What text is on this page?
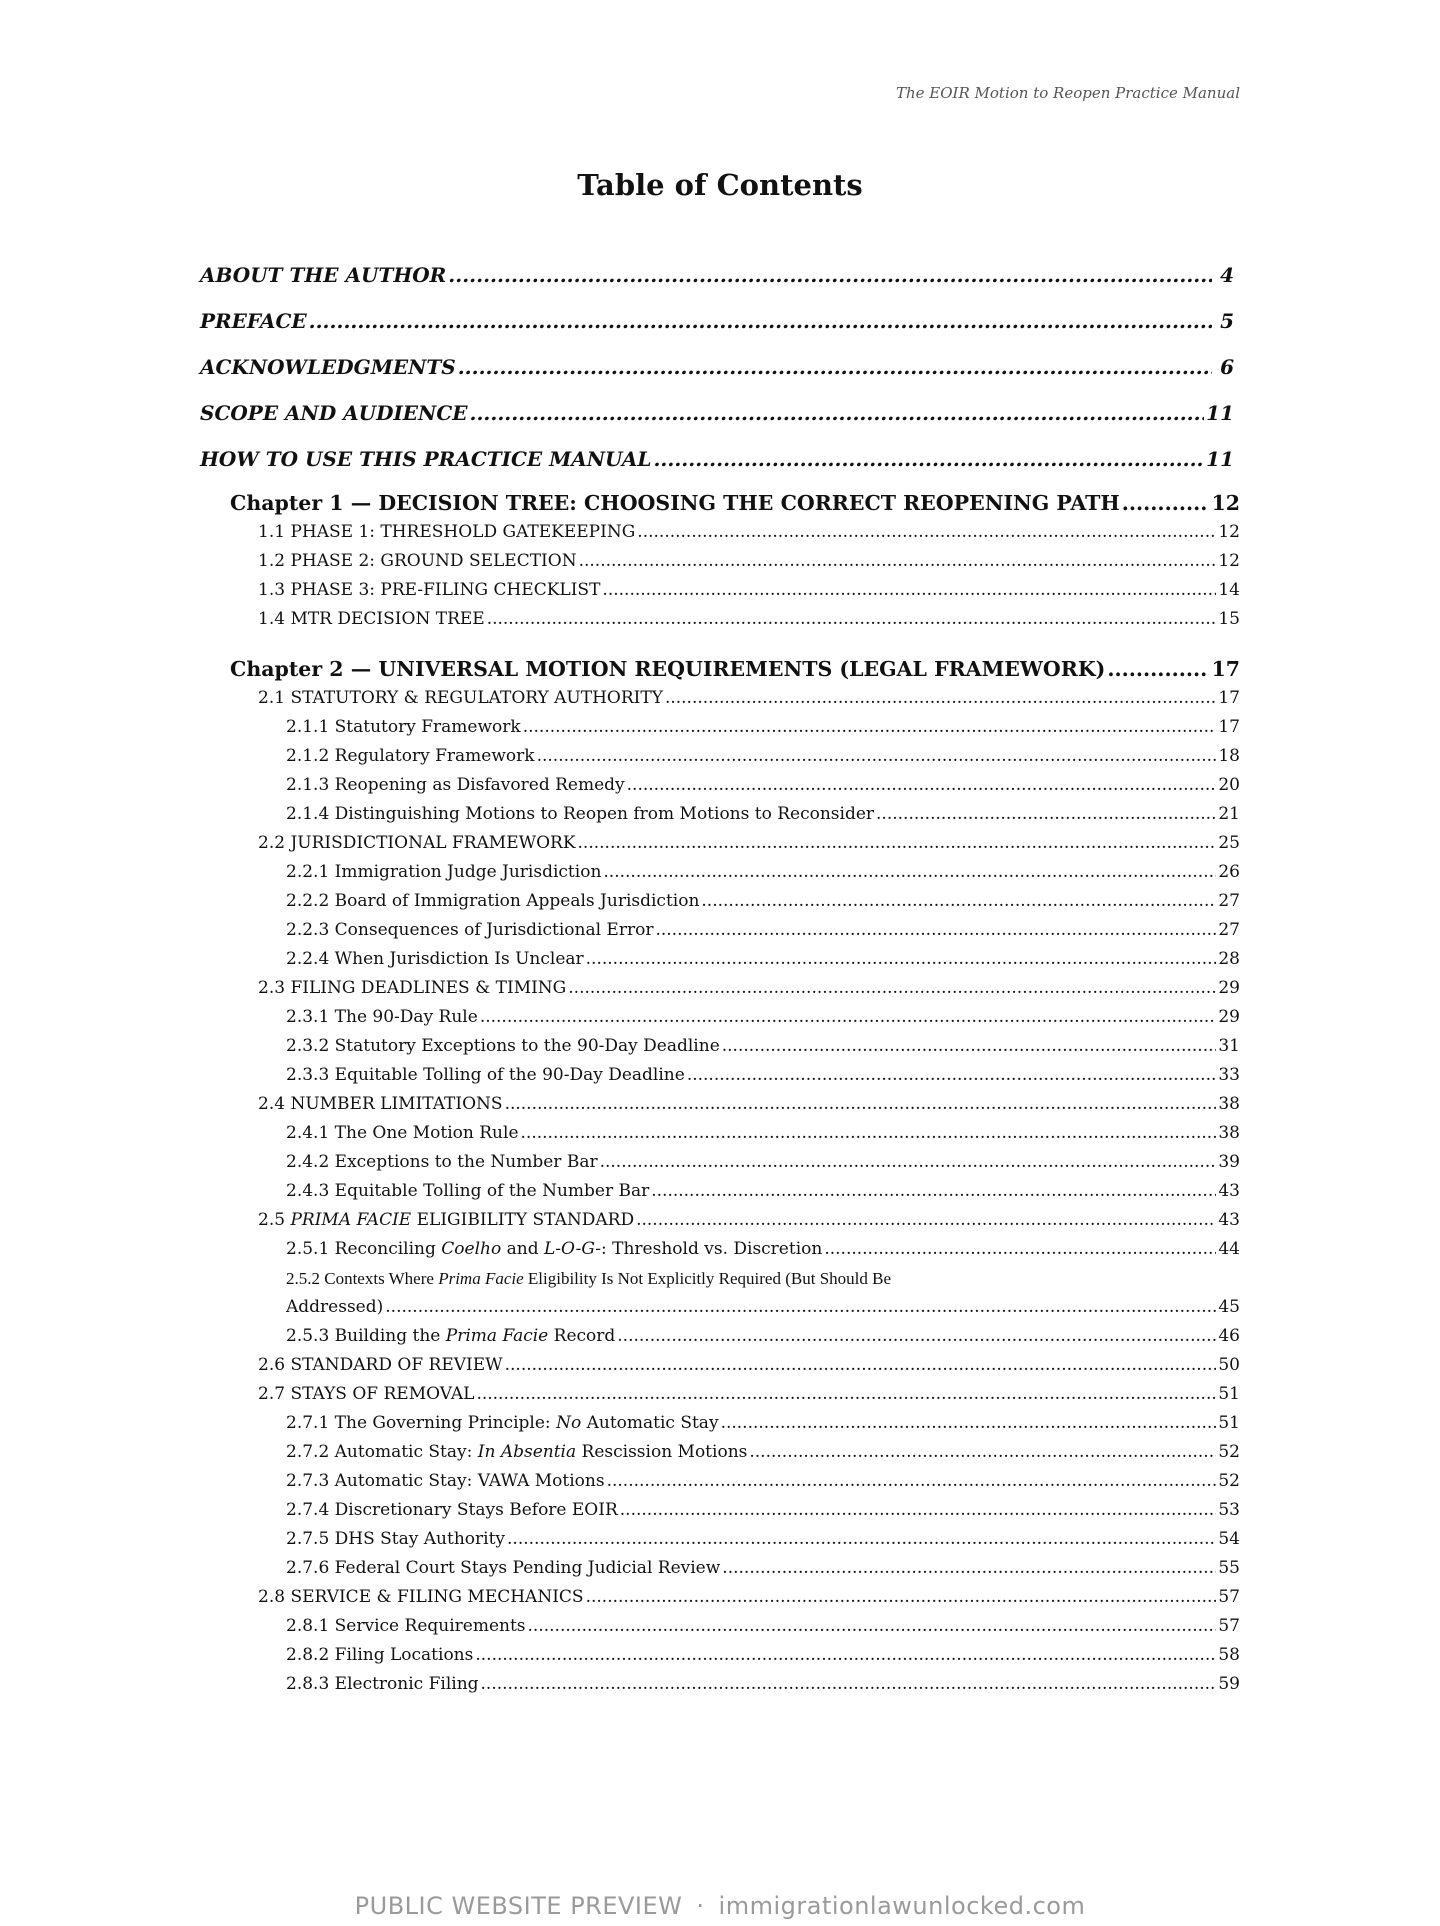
The EOIR Motion to Reopen Practice Manual
Table of Contents
ABOUT THE AUTHOR .....	4
PREFACE .....	5
ACKNOWLEDGMENTS .....	6
SCOPE AND AUDIENCE .....	11
HOW TO USE THIS PRACTICE MANUAL .....	11
Chapter 1 — DECISION TREE: CHOOSING THE CORRECT REOPENING PATH .....	12
1.1 PHASE 1: THRESHOLD GATEKEEPING .....	12
1.2 PHASE 2: GROUND SELECTION .....	12
1.3 PHASE 3: PRE-FILING CHECKLIST .....	14
1.4 MTR DECISION TREE .....	15
Chapter 2 — UNIVERSAL MOTION REQUIREMENTS (LEGAL FRAMEWORK) .....	17
2.1 STATUTORY & REGULATORY AUTHORITY .....	17
2.1.1 Statutory Framework .....	17
2.1.2 Regulatory Framework .....	18
2.1.3 Reopening as Disfavored Remedy .....	20
2.1.4 Distinguishing Motions to Reopen from Motions to Reconsider .....	21
2.2 JURISDICTIONAL FRAMEWORK .....	25
2.2.1 Immigration Judge Jurisdiction .....	26
2.2.2 Board of Immigration Appeals Jurisdiction .....	27
2.2.3 Consequences of Jurisdictional Error .....	27
2.2.4 When Jurisdiction Is Unclear .....	28
2.3 FILING DEADLINES & TIMING .....	29
2.3.1 The 90-Day Rule .....	29
2.3.2 Statutory Exceptions to the 90-Day Deadline .....	31
2.3.3 Equitable Tolling of the 90-Day Deadline .....	33
2.4 NUMBER LIMITATIONS .....	38
2.4.1 The One Motion Rule .....	38
2.4.2 Exceptions to the Number Bar .....	39
2.4.3 Equitable Tolling of the Number Bar .....	43
2.5 PRIMA FACIE ELIGIBILITY STANDARD .....	43
2.5.1 Reconciling Coelho and L-O-G-: Threshold vs. Discretion .....	44
2.5.2 Contexts Where Prima Facie Eligibility Is Not Explicitly Required (But Should Be
Addressed) .....	45
2.5.3 Building the Prima Facie Record .....	46
2.6 STANDARD OF REVIEW .....	50
2.7 STAYS OF REMOVAL .....	51
2.7.1 The Governing Principle: No Automatic Stay .....	51
2.7.2 Automatic Stay: In Absentia Rescission Motions .....	52
2.7.3 Automatic Stay: VAWA Motions .....	52
2.7.4 Discretionary Stays Before EOIR .....	53
2.7.5 DHS Stay Authority .....	54
2.7.6 Federal Court Stays Pending Judicial Review .....	55
2.8 SERVICE & FILING MECHANICS .....	57
2.8.1 Service Requirements .....	57
2.8.2 Filing Locations .....	58
2.8.3 Electronic Filing .....	59
PUBLIC WEBSITE PREVIEW · immigrationlawunlocked.com
